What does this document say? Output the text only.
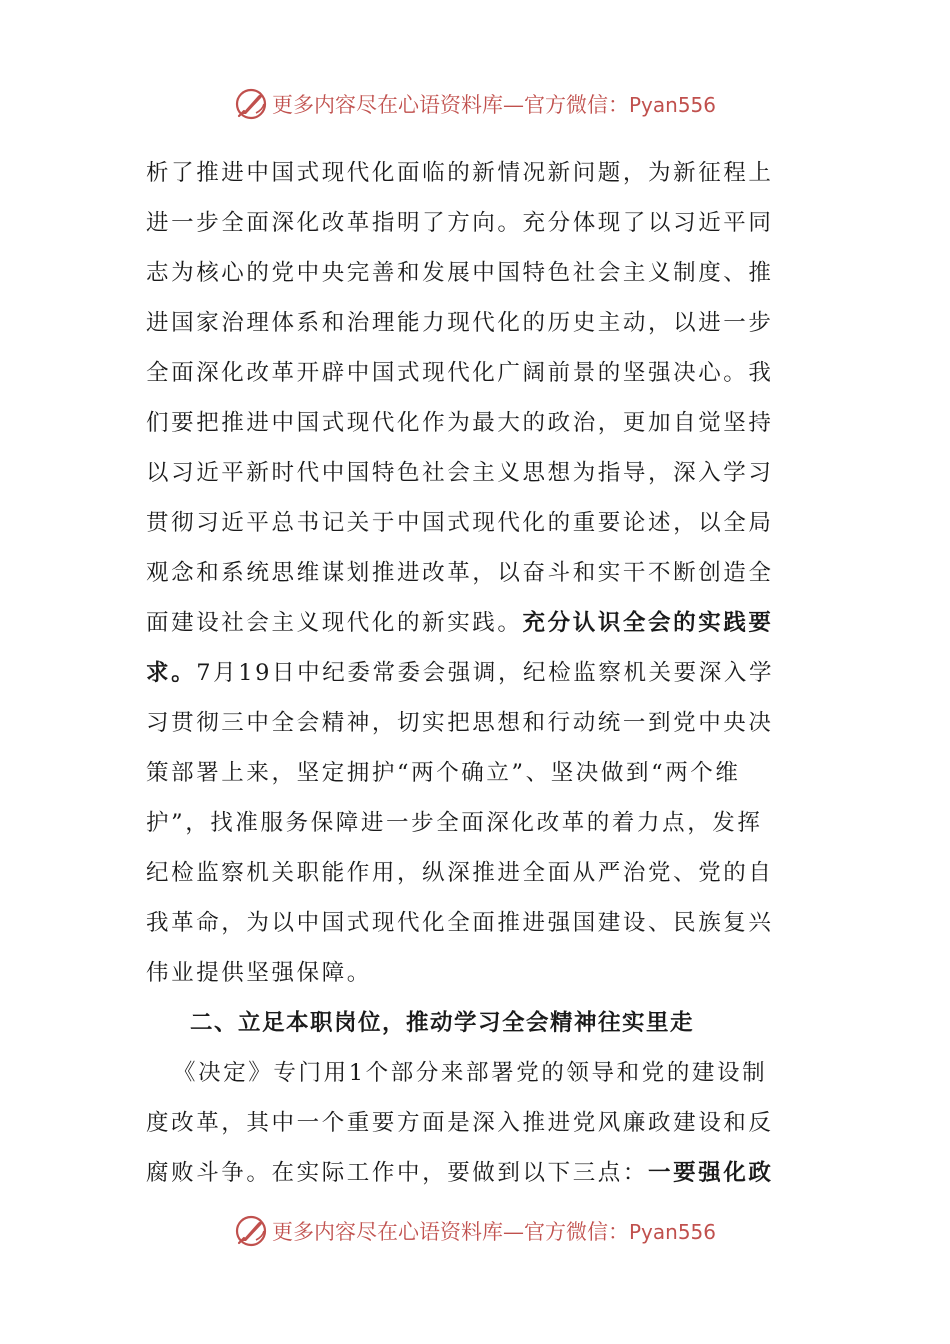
更多内容尽在心语资料库—官方微信：Pyan556
析了推进中国式现代化面临的新情况新问题，为新征程上
进一步全面深化改革指明了方向。充分体现了以习近平同
志为核心的党中央完善和发展中国特色社会主义制度、推
进国家治理体系和治理能力现代化的历史主动，以进一步
全面深化改革开辟中国式现代化广阔前景的坚强决心。我
们要把推进中国式现代化作为最大的政治，更加自觉坚持
以习近平新时代中国特色社会主义思想为指导，深入学习
贯彻习近平总书记关于中国式现代化的重要论述，以全局
观念和系统思维谋划推进改革，以奋斗和实干不断创造全
面建设社会主义现代化的新实践。充分认识全会的实践要
求。7月19日中纪委常委会强调，纪检监察机关要深入学
习贯彻三中全会精神，切实把思想和行动统一到党中央决
策部署上来，坚定拥护“两个确立”、坚决做到“两个维
护”，找准服务保障进一步全面深化改革的着力点，发挥
纪检监察机关职能作用，纵深推进全面从严治党、党的自
我革命，为以中国式现代化全面推进强国建设、民族复兴
伟业提供坚强保障。
二、立足本职岗位，推动学习全会精神往实里走
《决定》专门用1个部分来部署党的领导和党的建设制
度改革，其中一个重要方面是深入推进党风廉政建设和反
腐败斗争。在实际工作中，要做到以下三点：一要强化政
更多内容尽在心语资料库—官方微信：Pyan556
